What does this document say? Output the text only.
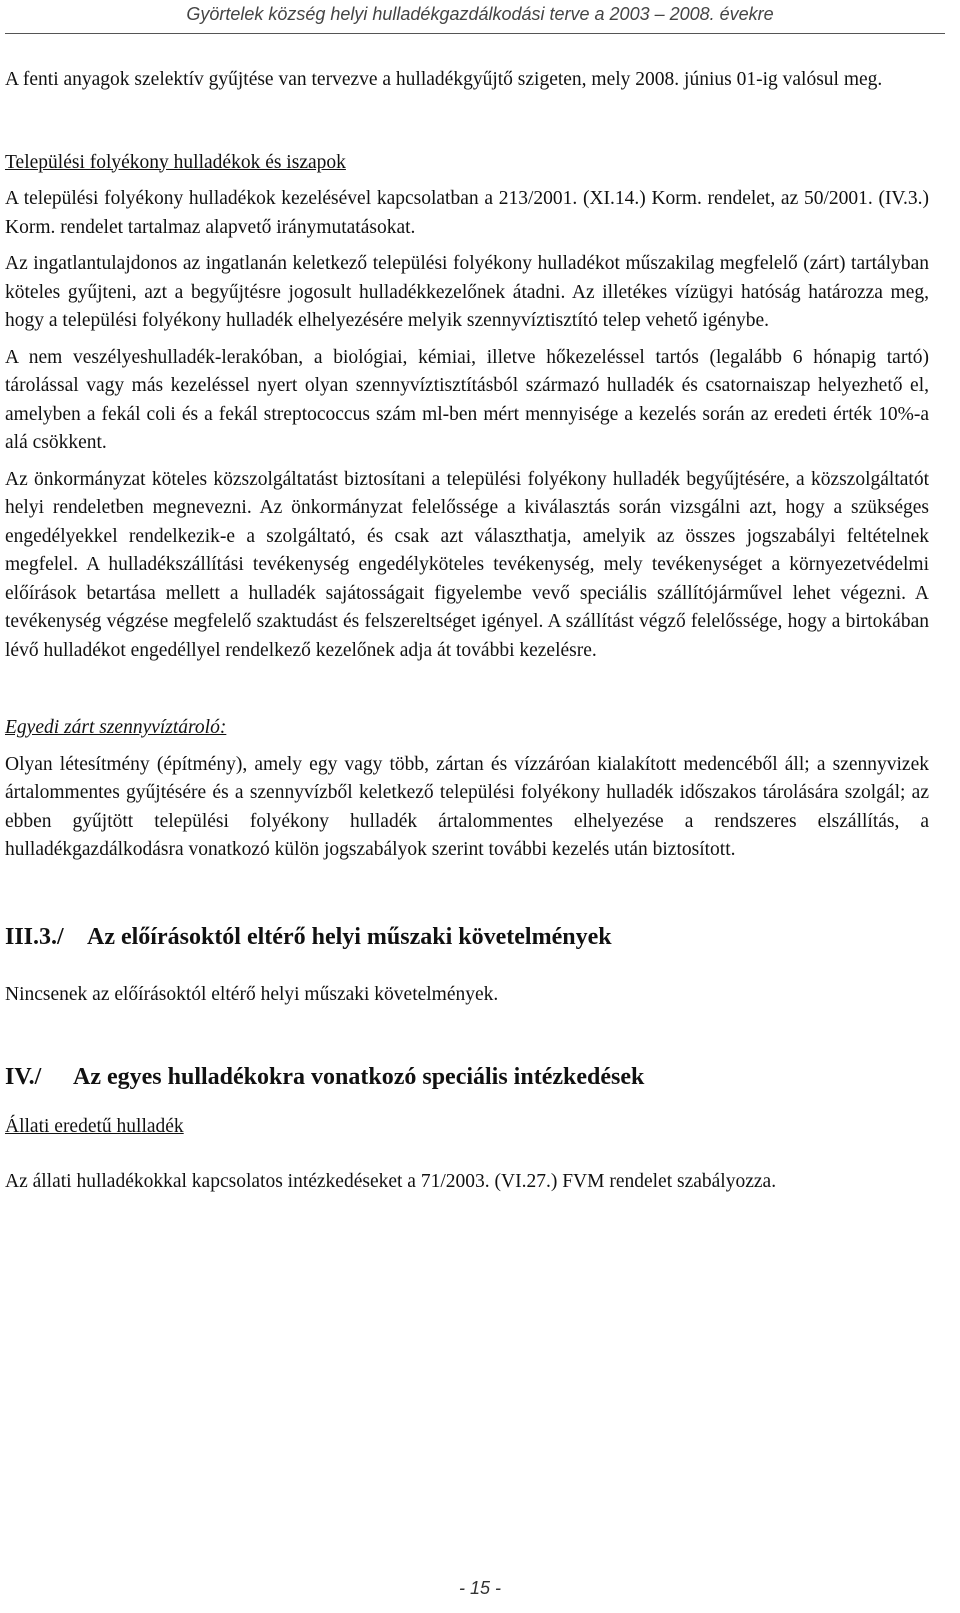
Györtelek község helyi hulladékgazdálkodási terve a 2003 – 2008. évekre

A fenti anyagok szelektív gyűjtése van tervezve a hulladékgyűjtő szigeten, mely 2008. június 01-ig valósul meg.

Települési folyékony hulladékok és iszapok

A települési folyékony hulladékok kezelésével kapcsolatban a 213/2001. (XI.14.) Korm. rendelet, az 50/2001. (IV.3.) Korm. rendelet tartalmaz alapvető iránymutatásokat.

Az ingatlantulajdonos az ingatlanán keletkező települési folyékony hulladékot műszakilag megfelelő (zárt) tartályban köteles gyűjteni, azt a begyűjtésre jogosult hulladékkezelőnek átadni. Az illetékes vízügyi hatóság határozza meg, hogy a települési folyékony hulladék elhelyezésére melyik szennyvíztisztító telep vehető igénybe.

A nem veszélyeshulladék-lerakóban, a biológiai, kémiai, illetve hőkezeléssel tartós (legalább 6 hónapig tartó) tárolással vagy más kezeléssel nyert olyan szennyvíztisztításból származó hulladék és csatornaiszap helyezhető el, amelyben a fekál coli és a fekál streptococcus szám ml-ben mért mennyisége a kezelés során az eredeti érték 10%-a alá csökkent.

Az önkormányzat köteles közszolgáltatást biztosítani a települési folyékony hulladék begyűjtésére, a közszolgáltatót helyi rendeletben megnevezni. Az önkormányzat felelőssége a kiválasztás során vizsgálni azt, hogy a szükséges engedélyekkel rendelkezik-e a szolgáltató, és csak azt választhatja, amelyik az összes jogszabályi feltételnek megfelel. A hulladékszállítási tevékenység engedélyköteles tevékenység, mely tevékenységet a környezetvédelmi előírások betartása mellett a hulladék sajátosságait figyelembe vevő speciális szállítójárművel lehet végezni. A tevékenység végzése megfelelő szaktudást és felszereltséget igényel. A szállítást végző felelőssége, hogy a birtokában lévő hulladékot engedéllyel rendelkező kezelőnek adja át további kezelésre.

Egyedi zárt szennyvíztároló:

Olyan létesítmény (építmény), amely egy vagy több, zártan és vízzáróan kialakított medencéből áll; a szennyvizek ártalommentes gyűjtésére és a szennyvízből keletkező települési folyékony hulladék időszakos tárolására szolgál; az ebben gyűjtött települési folyékony hulladék ártalommentes elhelyezése a rendszeres elszállítás, a hulladékgazdálkodásra vonatkozó külön jogszabályok szerint további kezelés után biztosított.

III.3./ Az előírásoktól eltérő helyi műszaki követelmények

Nincsenek az előírásoktól eltérő helyi műszaki követelmények.

IV./ Az egyes hulladékokra vonatkozó speciális intézkedések

Állati eredetű hulladék

Az állati hulladékokkal kapcsolatos intézkedéseket a 71/2003. (VI.27.) FVM rendelet szabályozza.

- 15 -
